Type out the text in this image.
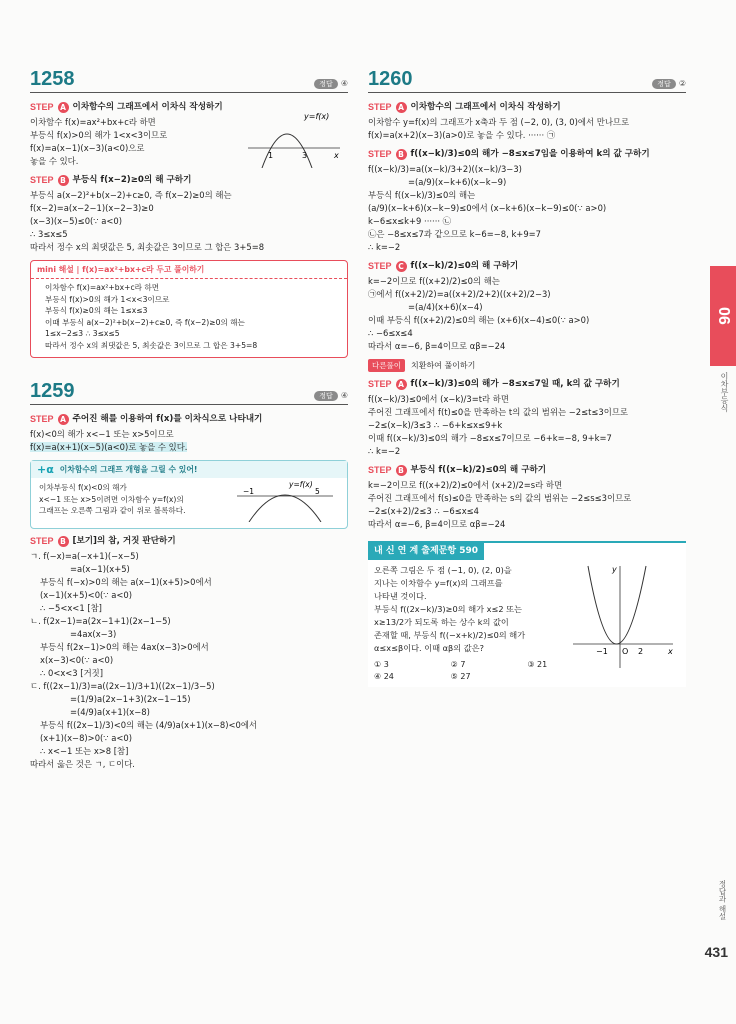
1258	정답	④
STEP A 이차함수의 그래프에서 이차식 작성하기
이차함수 f(x)=ax²+bx+c라 하면
부등식 f(x)>0의 해가 1<x<3이므로
f(x)=a(x−1)(x−3)(a<0)으로
놓을 수 있다.
y=f(x)
1	3	x
STEP B 부등식 f(x−2)≥0의 해 구하기
부등식 a(x−2)²+b(x−2)+c≥0, 즉 f(x−2)≥0의 해는
f(x−2)=a(x−2−1)(x−2−3)≥0
(x−3)(x−5)≤0(∵ a<0)
∴ 3≤x≤5
따라서 정수 x의 최댓값은 5, 최솟값은 3이므로 그 합은 3+5=8
mini 해설 | f(x)=ax²+bx+c라 두고 풀이하기
이차함수 f(x)=ax²+bx+c라 하면
부등식 f(x)>0의 해가 1<x<3이므로
부등식 f(x)≥0의 해는 1≤x≤3
이때 부등식 a(x−2)²+b(x−2)+c≥0, 즉 f(x−2)≥0의 해는
1≤x−2≤3 ∴ 3≤x≤5
따라서 정수 x의 최댓값은 5, 최솟값은 3이므로 그 합은 3+5=8
1259	정답	④
STEP A 주어진 해를 이용하여 f(x)를 이차식으로 나타내기
f(x)<0의 해가 x<−1 또는 x>5이므로
f(x)=a(x+1)(x−5)(a<0)로 놓을 수 있다.
+α 이차함수의 그래프 개형을 그릴 수 있어!
이차부등식 f(x)<0의 해가
x<−1 또는 x>5이려면 이차함수 y=f(x)의
그래프는 오른쪽 그림과 같이 위로 볼록하다.
y=f(x)
−1	5
STEP B [보기]의 참, 거짓 판단하기
ㄱ. f(−x)=a(−x+1)(−x−5)
=a(x−1)(x+5)
부등식 f(−x)>0의 해는 a(x−1)(x+5)>0에서
(x−1)(x+5)<0(∵ a<0)
∴ −5<x<1 [참]
ㄴ. f(2x−1)=a(2x−1+1)(2x−1−5)
=4ax(x−3)
부등식 f(2x−1)>0의 해는 4ax(x−3)>0에서
x(x−3)<0(∵ a<0)
∴ 0<x<3 [거짓]
ㄷ. f((2x−1)/3)=a((2x−1)/3+1)((2x−1)/3−5)
=(1/9)a(2x−1+3)(2x−1−15)
=(4/9)a(x+1)(x−8)
부등식 f((2x−1)/3)<0의 해는 (4/9)a(x+1)(x−8)<0에서
(x+1)(x−8)>0(∵ a<0)
∴ x<−1 또는 x>8 [참]
따라서 옳은 것은 ㄱ, ㄷ이다.
1260	정답	②
STEP A 이차함수의 그래프에서 이차식 작성하기
이차함수 y=f(x)의 그래프가 x축과 두 점 (−2, 0), (3, 0)에서 만나므로
f(x)=a(x+2)(x−3)(a>0)로 놓을 수 있다. ······ ㉠
STEP B f((x−k)/3)≤0의 해가 −8≤x≤7임을 이용하여 k의 값 구하기
f((x−k)/3)=a((x−k)/3+2)((x−k)/3−3)
=(a/9)(x−k+6)(x−k−9)
부등식 f((x−k)/3)≤0의 해는
(a/9)(x−k+6)(x−k−9)≤0에서 (x−k+6)(x−k−9)≤0(∵ a>0)
k−6≤x≤k+9 ······ ㉡
㉡은 −8≤x≤7과 같으므로 k−6=−8, k+9=7
∴ k=−2
STEP C f((x−k)/2)≤0의 해 구하기
k=−2이므로 f((x+2)/2)≤0의 해는
㉠에서 f((x+2)/2)=a((x+2)/2+2)((x+2)/2−3)
=(a/4)(x+6)(x−4)
이때 부등식 f((x+2)/2)≤0의 해는 (x+6)(x−4)≤0(∵ a>0)
∴ −6≤x≤4
따라서 α=−6, β=4이므로 αβ=−24
다른풀이	치환하여 풀이하기
STEP A f((x−k)/3)≤0의 해가 −8≤x≤7일 때, k의 값 구하기
f((x−k)/3)≤0에서 (x−k)/3=t라 하면
주어진 그래프에서 f(t)≤0을 만족하는 t의 값의 범위는 −2≤t≤3이므로
−2≤(x−k)/3≤3 ∴ −6+k≤x≤9+k
이때 f((x−k)/3)≤0의 해가 −8≤x≤7이므로 −6+k=−8, 9+k=7
∴ k=−2
STEP B 부등식 f((x−k)/2)≤0의 해 구하기
k=−2이므로 f((x+2)/2)≤0에서 (x+2)/2=s라 하면
주어진 그래프에서 f(s)≤0을 만족하는 s의 값의 범위는 −2≤s≤3이므로
−2≤(x+2)/2≤3 ∴ −6≤x≤4
따라서 α=−6, β=4이므로 αβ=−24
내 신 연 계 출제문항 590
오른쪽 그림은 두 점 (−1, 0), (2, 0)을
지나는 이차함수 y=f(x)의 그래프를
나타낸 것이다.
부등식 f((2x−k)/3)≥0의 해가 x≤2 또는
x≥13/2가 되도록 하는 상수 k의 값이
존재할 때, 부등식 f((−x+k)/2)≤0의 해가
α≤x≤β이다. 이때 αβ의 값은?
① 3	② 7	③ 21
④ 24	⑤ 27
y
−1 O 2	x
06
이차부등식
정답과 해설
431
